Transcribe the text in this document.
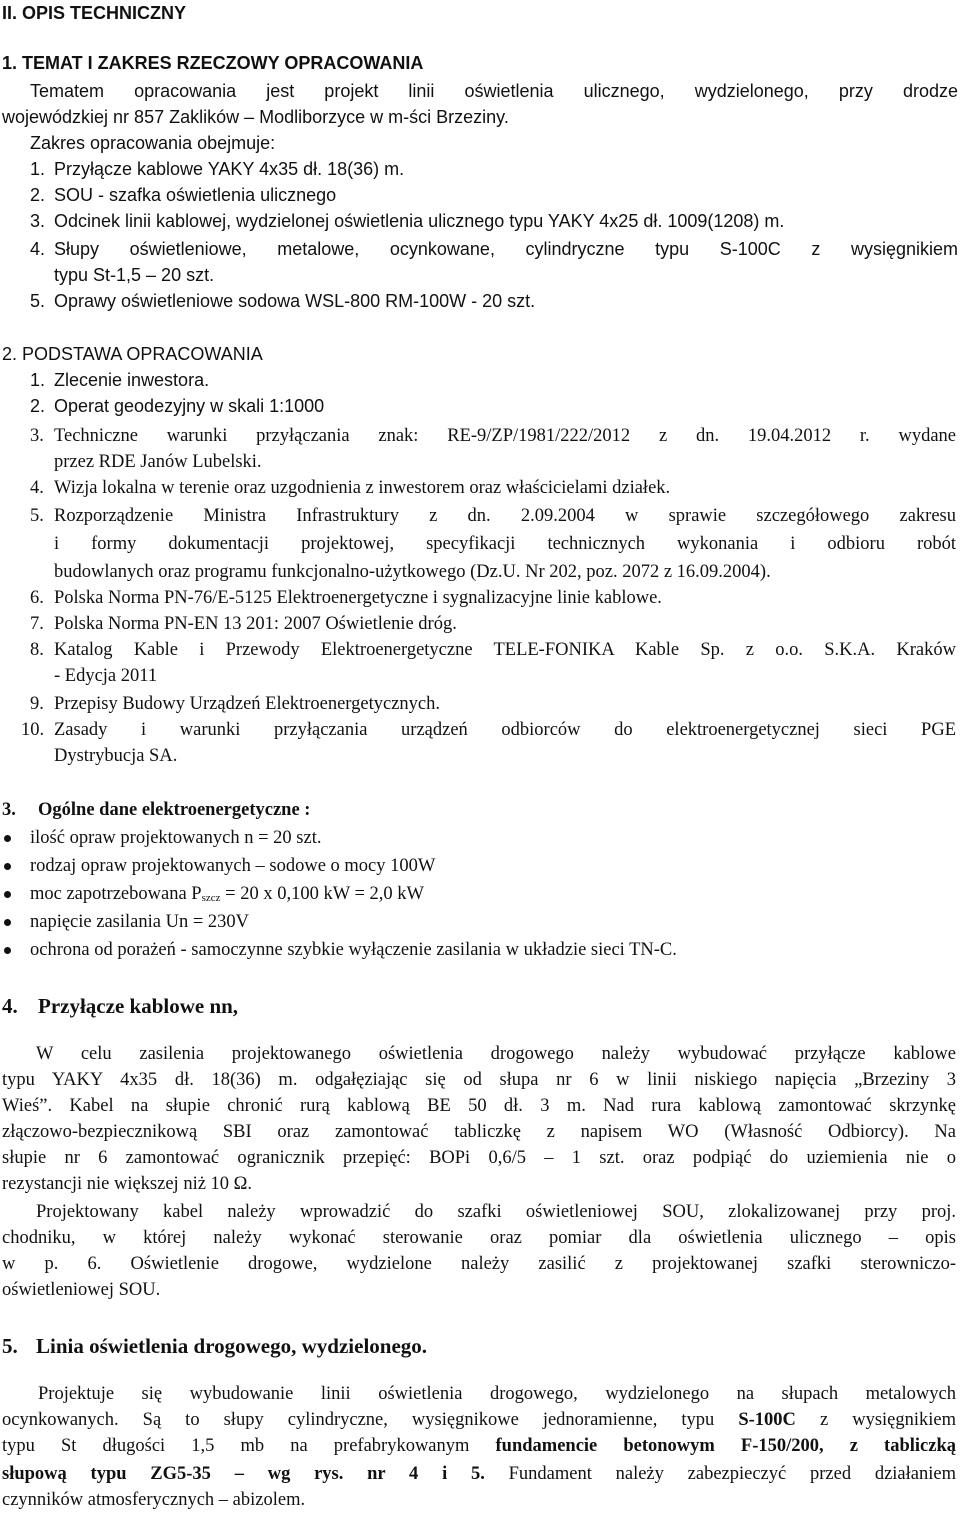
II. OPIS TECHNICZNY
1. TEMAT I ZAKRES RZECZOWY OPRACOWANIA
Tematem opracowania jest projekt linii oświetlenia ulicznego, wydzielonego, przy drodze
wojewódzkiej nr 857 Zaklików – Modliborzyce w m-ści Brzeziny.
Zakres opracowania obejmuje:
1. Przyłącze kablowe YAKY 4x35 dł. 18(36) m.
2. SOU - szafka oświetlenia ulicznego
3. Odcinek linii kablowej, wydzielonej oświetlenia ulicznego typu YAKY 4x25 dł. 1009(1208) m.
4. Słupy oświetleniowe, metalowe, ocynkowane, cylindryczne typu S-100C z wysięgnikiem
typu St-1,5 – 20 szt.
5. Oprawy oświetleniowe sodowa WSL-800 RM-100W - 20 szt.
2. PODSTAWA OPRACOWANIA
1. Zlecenie inwestora.
2. Operat geodezyjny w skali 1:1000
3. Techniczne warunki przyłączania znak: RE-9/ZP/1981/222/2012 z dn. 19.04.2012 r. wydane
przez RDE Janów Lubelski.
4. Wizja lokalna w terenie oraz uzgodnienia z inwestorem oraz właścicielami działek.
5. Rozporządzenie Ministra Infrastruktury z dn. 2.09.2004 w sprawie szczegółowego zakresu
i formy dokumentacji projektowej, specyfikacji technicznych wykonania i odbioru robót
budowlanych oraz programu funkcjonalno-użytkowego (Dz.U. Nr 202, poz. 2072 z 16.09.2004).
6. Polska Norma PN-76/E-5125 Elektroenergetyczne i sygnalizacyjne linie kablowe.
7. Polska Norma PN-EN 13 201: 2007 Oświetlenie dróg.
8. Katalog Kable i Przewody Elektroenergetyczne TELE-FONIKA Kable Sp. z o.o. S.K.A. Kraków
- Edycja 2011
9. Przepisy Budowy Urządzeń Elektroenergetycznych.
10. Zasady i warunki przyłączania urządzeń odbiorców do elektroenergetycznej sieci PGE
Dystrybucja SA.
3. Ogólne dane elektroenergetyczne :
ilość opraw projektowanych n = 20 szt.
rodzaj opraw projektowanych – sodowe o mocy 100W
moc zapotrzebowana $P_{szcz} = 20$ x 0,100 kW = 2,0 kW
napięcie zasilania Un = 230V
ochrona od porażeń - samoczynne szybkie wyłączenie zasilania w układzie sieci TN-C.
4. Przyłącze kablowe nn,
W celu zasilenia projektowanego oświetlenia drogowego należy wybudować przyłącze kablowe
typu YAKY 4x35 dł. 18(36) m. odgałęziając się od słupa nr 6 w linii niskiego napięcia „Brzeziny 3
Wieś”. Kabel na słupie chronić rurą kablową BE 50 dł. 3 m. Nad rura kablową zamontować skrzynkę
złączowo-bezpiecznikową SBI oraz zamontować tabliczkę z napisem WO (Własność Odbiorcy). Na
słupie nr 6 zamontować ogranicznik przepięć: BOPi 0,6/5 – 1 szt. oraz podpiąć do uziemienia nie o
rezystancji nie większej niż 10 Ω.
Projektowany kabel należy wprowadzić do szafki oświetleniowej SOU, zlokalizowanej przy proj.
chodniku, w której należy wykonać sterowanie oraz pomiar dla oświetlenia ulicznego – opis
w p. 6. Oświetlenie drogowe, wydzielone należy zasilić z projektowanej szafki sterowniczo-
oświetleniowej SOU.
5. Linia oświetlenia drogowego, wydzielonego.
Projektuje się wybudowanie linii oświetlenia drogowego, wydzielonego na słupach metalowych
ocynkowanych. Są to słupy cylindryczne, wysięgnikowe jednoramienne, typu S-100C z wysięgnikiem
typu St długości 1,5 mb na prefabrykowanym fundamencie betonowym F-150/200, z tabliczką
słupową typu ZG5-35 – wg rys. nr 4 i 5. Fundament należy zabezpieczyć przed działaniem
czynników atmosferycznych – abizolem.
